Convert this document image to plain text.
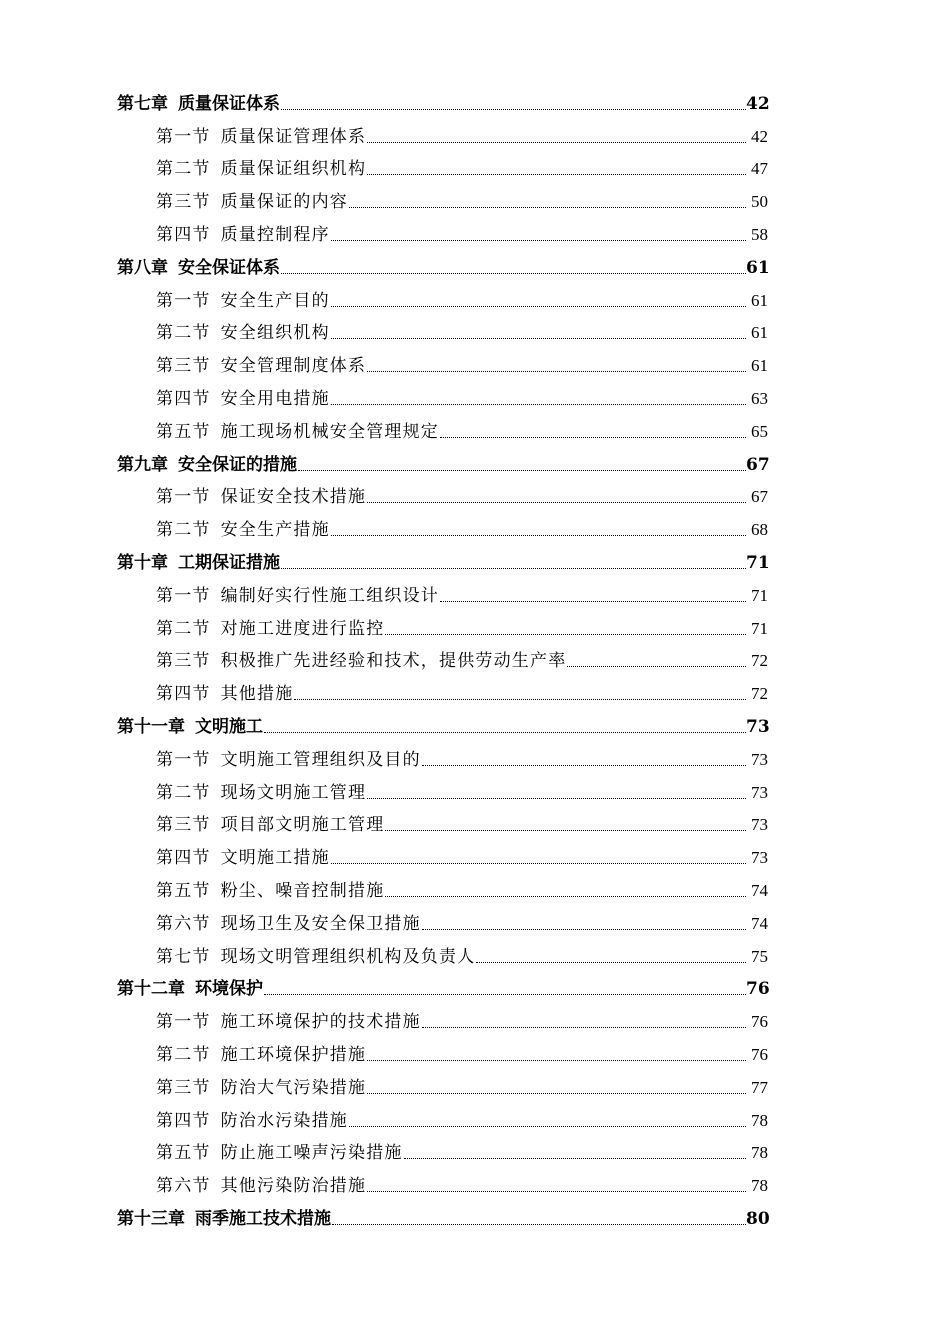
第七章 质量保证体系	42
第一节 质量保证管理体系	42
第二节 质量保证组织机构	47
第三节 质量保证的内容	50
第四节 质量控制程序	58
第八章 安全保证体系	61
第一节 安全生产目的	61
第二节 安全组织机构	61
第三节 安全管理制度体系	61
第四节 安全用电措施	63
第五节 施工现场机械安全管理规定	65
第九章 安全保证的措施	67
第一节 保证安全技术措施	67
第二节 安全生产措施	68
第十章 工期保证措施	71
第一节 编制好实行性施工组织设计	71
第二节 对施工进度进行监控	71
第三节 积极推广先进经验和技术，提供劳动生产率	72
第四节 其他措施	72
第十一章 文明施工	73
第一节 文明施工管理组织及目的	73
第二节 现场文明施工管理	73
第三节 项目部文明施工管理	73
第四节 文明施工措施	73
第五节 粉尘、噪音控制措施	74
第六节 现场卫生及安全保卫措施	74
第七节 现场文明管理组织机构及负责人	75
第十二章 环境保护	76
第一节 施工环境保护的技术措施	76
第二节 施工环境保护措施	76
第三节 防治大气污染措施	77
第四节 防治水污染措施	78
第五节 防止施工噪声污染措施	78
第六节 其他污染防治措施	78
第十三章 雨季施工技术措施	80
